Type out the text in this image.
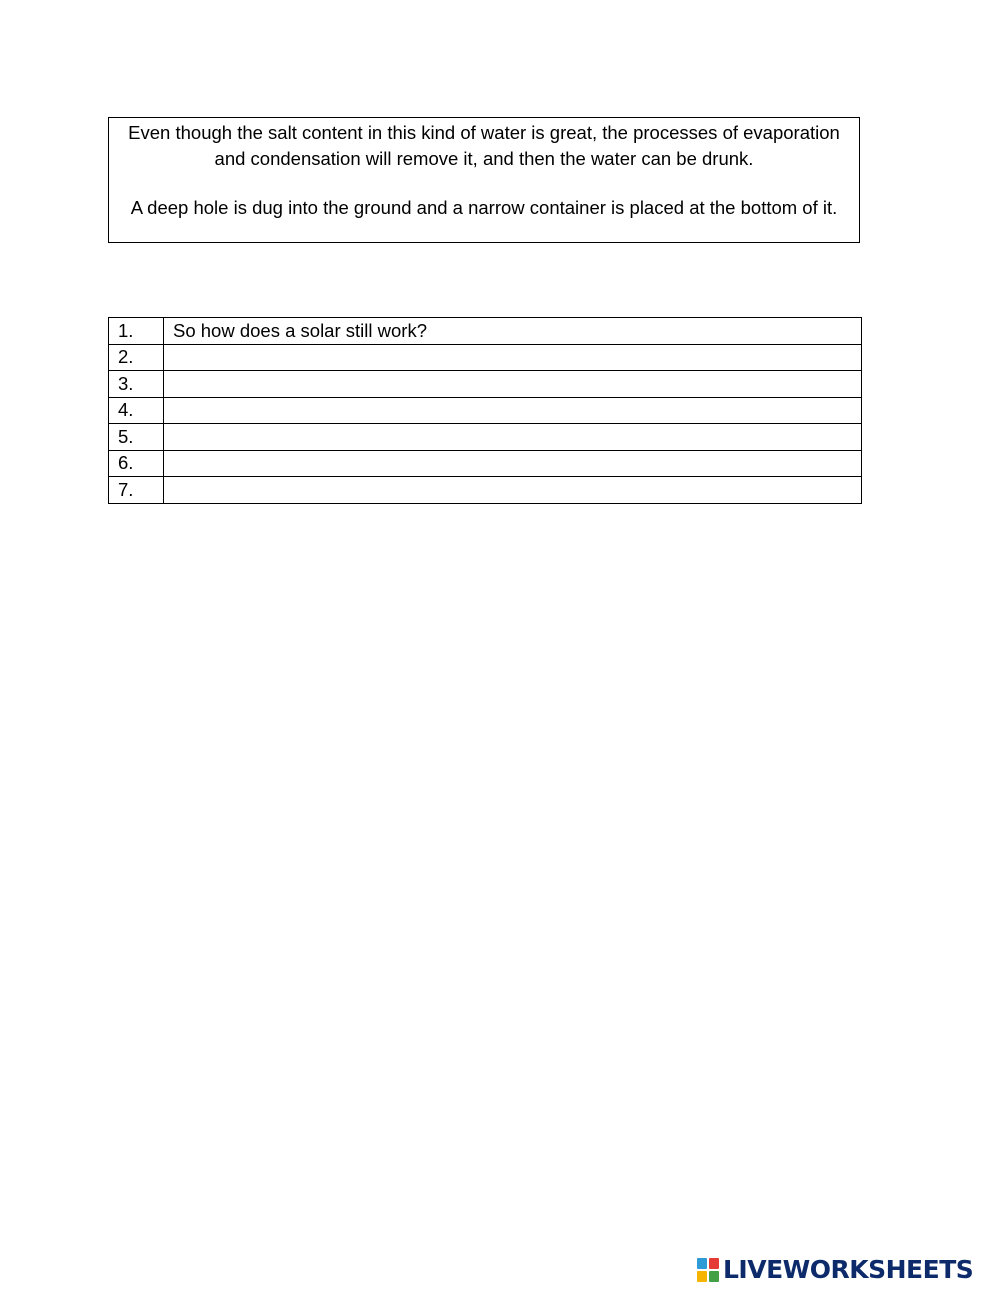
Even though the salt content in this kind of water is great, the processes of evaporation and condensation will remove it, and then the water can be drunk.

A deep hole is dug into the ground and a narrow container is placed at the bottom of it.

1.	So how does a solar still work?
2.	
3.	
4.	
5.	
6.	
7.	
LIVEWORKSHEETS
